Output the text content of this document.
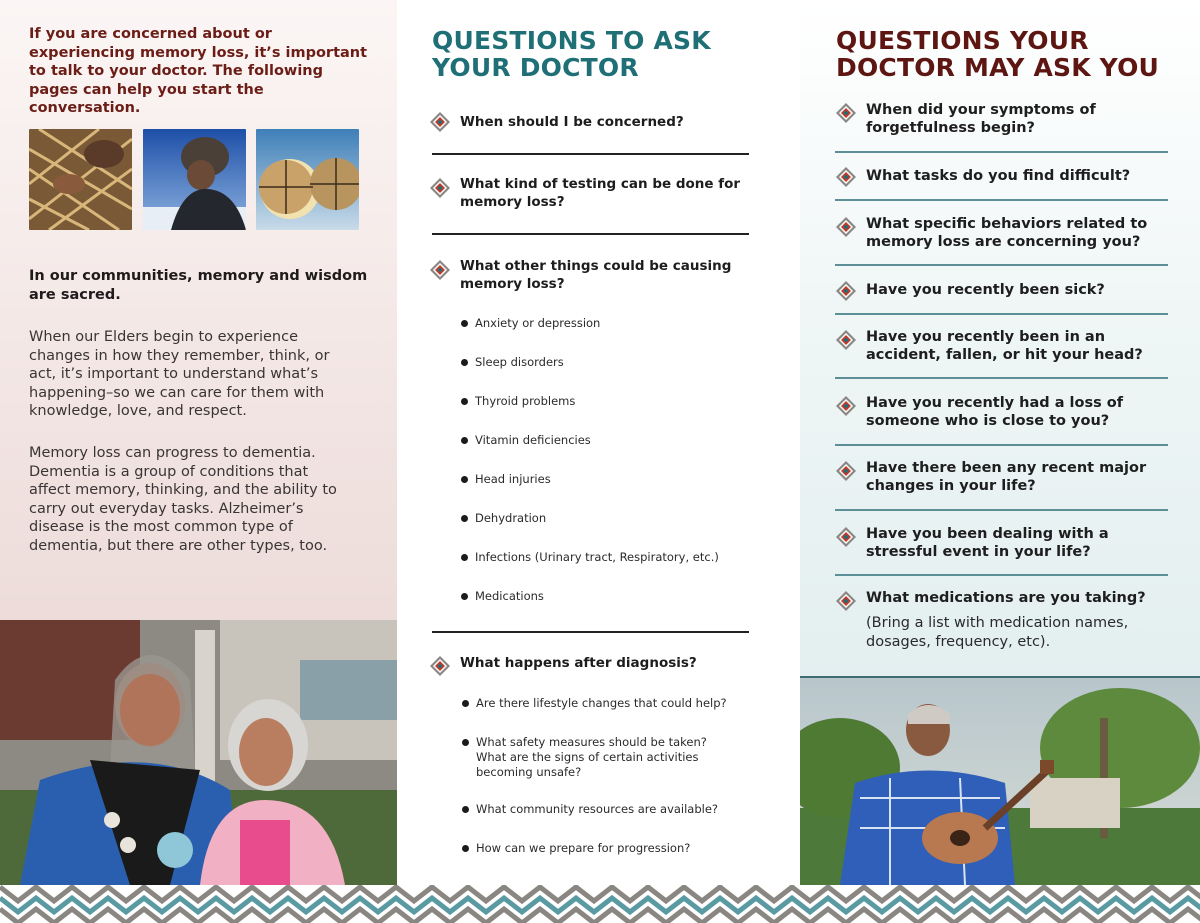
If you are concerned about or experiencing memory loss, it’s important to talk to your doctor. The following pages can help you start the conversation.

In our communities, memory and wisdom are sacred.

When our Elders begin to experience changes in how they remember, think, or act, it’s important to understand what’s happening–so we can care for them with knowledge, love, and respect.

Memory loss can progress to dementia. Dementia is a group of conditions that affect memory, thinking, and the ability to carry out everyday tasks. Alzheimer’s disease is the most common type of dementia, but there are other types, too.

QUESTIONS TO ASK
YOUR DOCTOR
When should I be concerned?
What kind of testing can be done for
memory loss?
What other things could be causing
memory loss?
Anxiety or depression
Sleep disorders
Thyroid problems
Vitamin deficiencies
Head injuries
Dehydration
Infections (Urinary tract, Respiratory, etc.)
Medications
What happens after diagnosis?
Are there lifestyle changes that could help?
What safety measures should be taken? What are the signs of certain activities becoming unsafe?
What community resources are available?
How can we prepare for progression?
QUESTIONS YOUR
DOCTOR MAY ASK YOU
When did your symptoms of forgetfulness begin?
What tasks do you find difficult?
What specific behaviors related to memory loss are concerning you?
Have you recently been sick?
Have you recently been in an accident, fallen, or hit your head?
Have you recently had a loss of someone who is close to you?
Have there been any recent major changes in your life?
Have you been dealing with a stressful event in your life?
What medications are you taking?

(Bring a list with medication names, dosages, frequency, etc).
